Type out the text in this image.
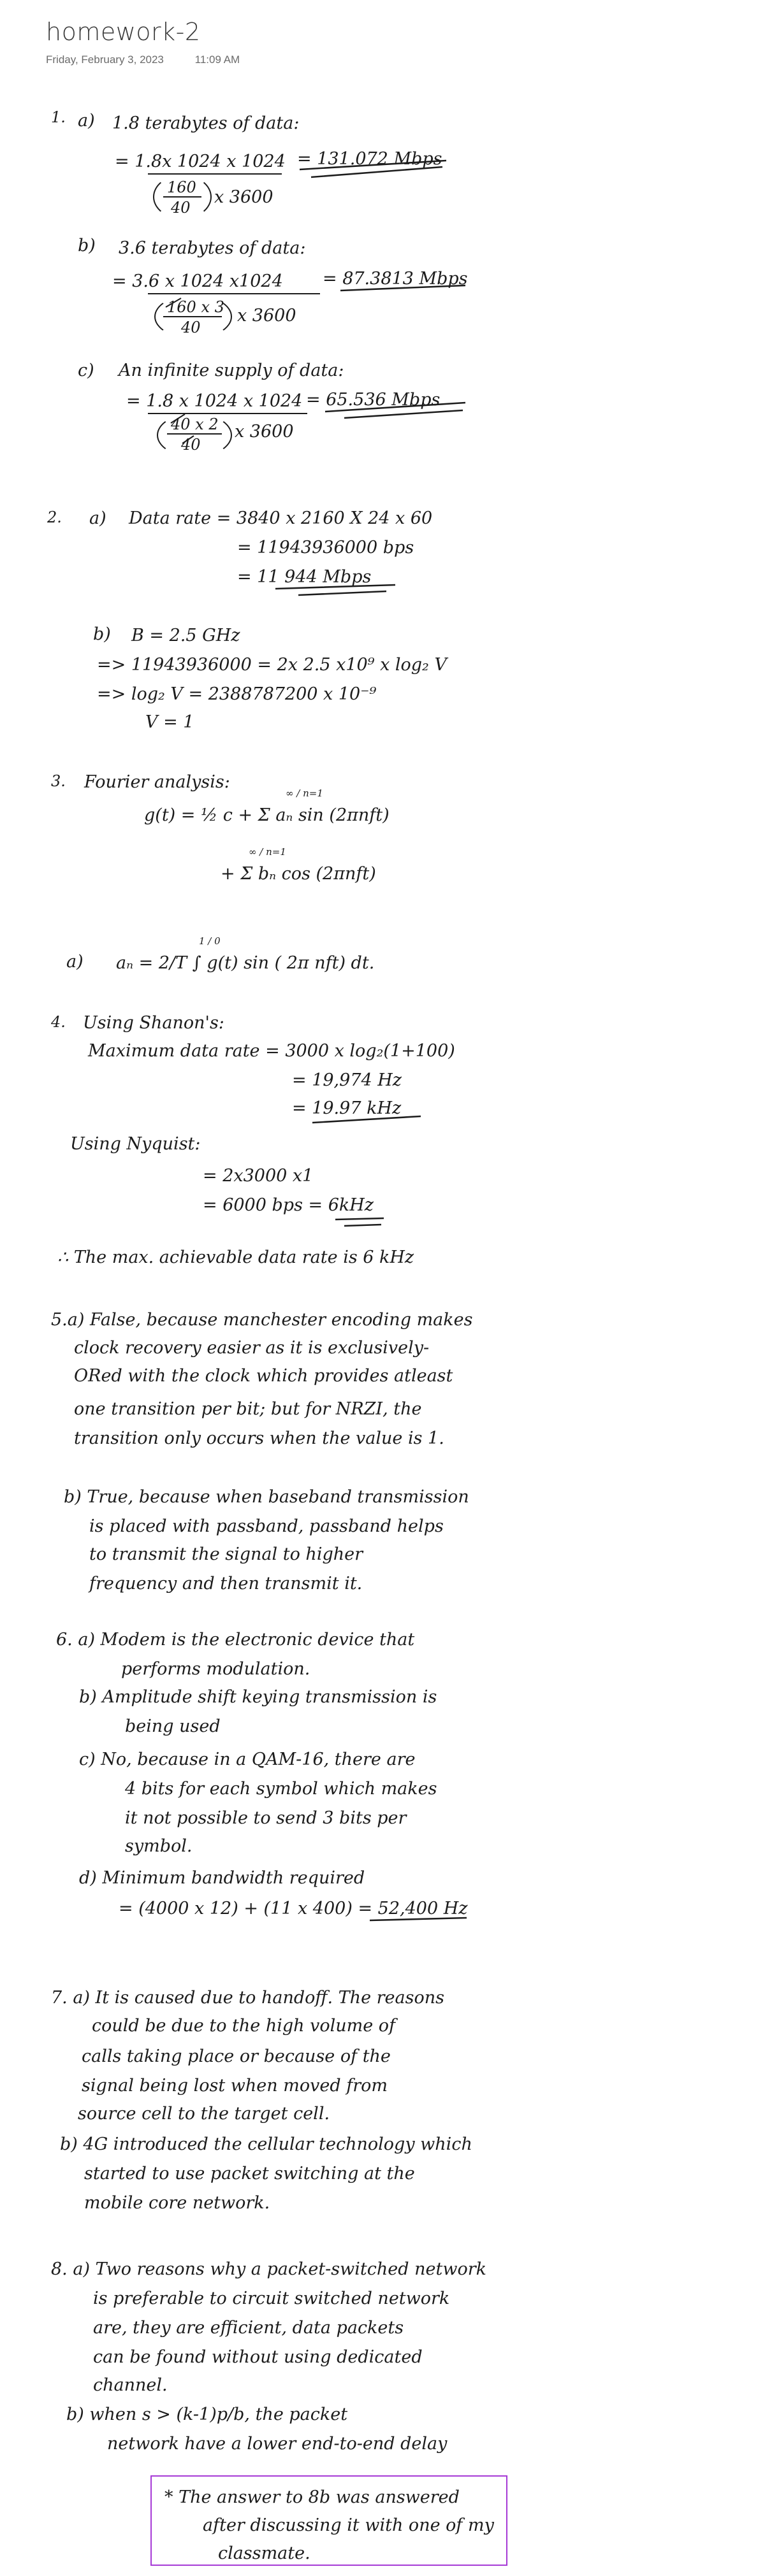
homework-2
Friday, February 3, 2023	11:09 AM
1. a) 1.8 terabytes of data:
= 1.8x 1024 x 1024 = 131.072 Mbps
160
40
x 3600
b) 3.6 terabytes of data:
= 3.6 x 1024 x1024 = 87.3813 Mbps
160 x 3
40
x 3600
c) An infinite supply of data:
= 1.8 x 1024 x 1024 = 65.536 Mbps
40 x 2
40
x 3600
2. a) Data rate = 3840 x 2160 X 24 x 60
= 11943936000 bps
= 11 944 Mbps
b) B = 2.5 GHz
=> 11943936000 = 2x 2.5 x10⁹ x log₂ V
=> log₂ V = 2388787200 x 10⁻⁹
V = 1
3. Fourier analysis:
∞ / n=1
g(t) = ½ c + Σ aₙ sin (2πnft)
∞ / n=1
+ Σ bₙ cos (2πnft)
a)
1 / 0
aₙ = 2/T ∫ g(t) sin ( 2π nft) dt.
4. Using Shanon's:
Maximum data rate = 3000 x log₂(1+100)
= 19,974 Hz
= 19.97 kHz
Using Nyquist:
= 2x3000 x1
= 6000 bps = 6kHz
∴ The max. achievable data rate is 6 kHz
5.a) False, because manchester encoding makes
clock recovery easier as it is exclusively-
ORed with the clock which provides atleast
one transition per bit; but for NRZI, the
transition only occurs when the value is 1.
b) True, because when baseband transmission
is placed with passband, passband helps
to transmit the signal to higher
frequency and then transmit it.
6. a) Modem is the electronic device that
performs modulation.
b) Amplitude shift keying transmission is
being used
c) No, because in a QAM-16, there are
4 bits for each symbol which makes
it not possible to send 3 bits per
symbol.
d) Minimum bandwidth required
= (4000 x 12) + (11 x 400) = 52,400 Hz
7. a) It is caused due to handoff. The reasons
could be due to the high volume of
calls taking place or because of the
signal being lost when moved from
source cell to the target cell.
b) 4G introduced the cellular technology which
started to use packet switching at the
mobile core network.
8. a) Two reasons why a packet-switched network
is preferable to circuit switched network
are, they are efficient, data packets
can be found without using dedicated
channel.
b) when s > (k-1)p/b, the packet
network have a lower end-to-end delay
* The answer to 8b was answered
after discussing it with one of my
classmate.
